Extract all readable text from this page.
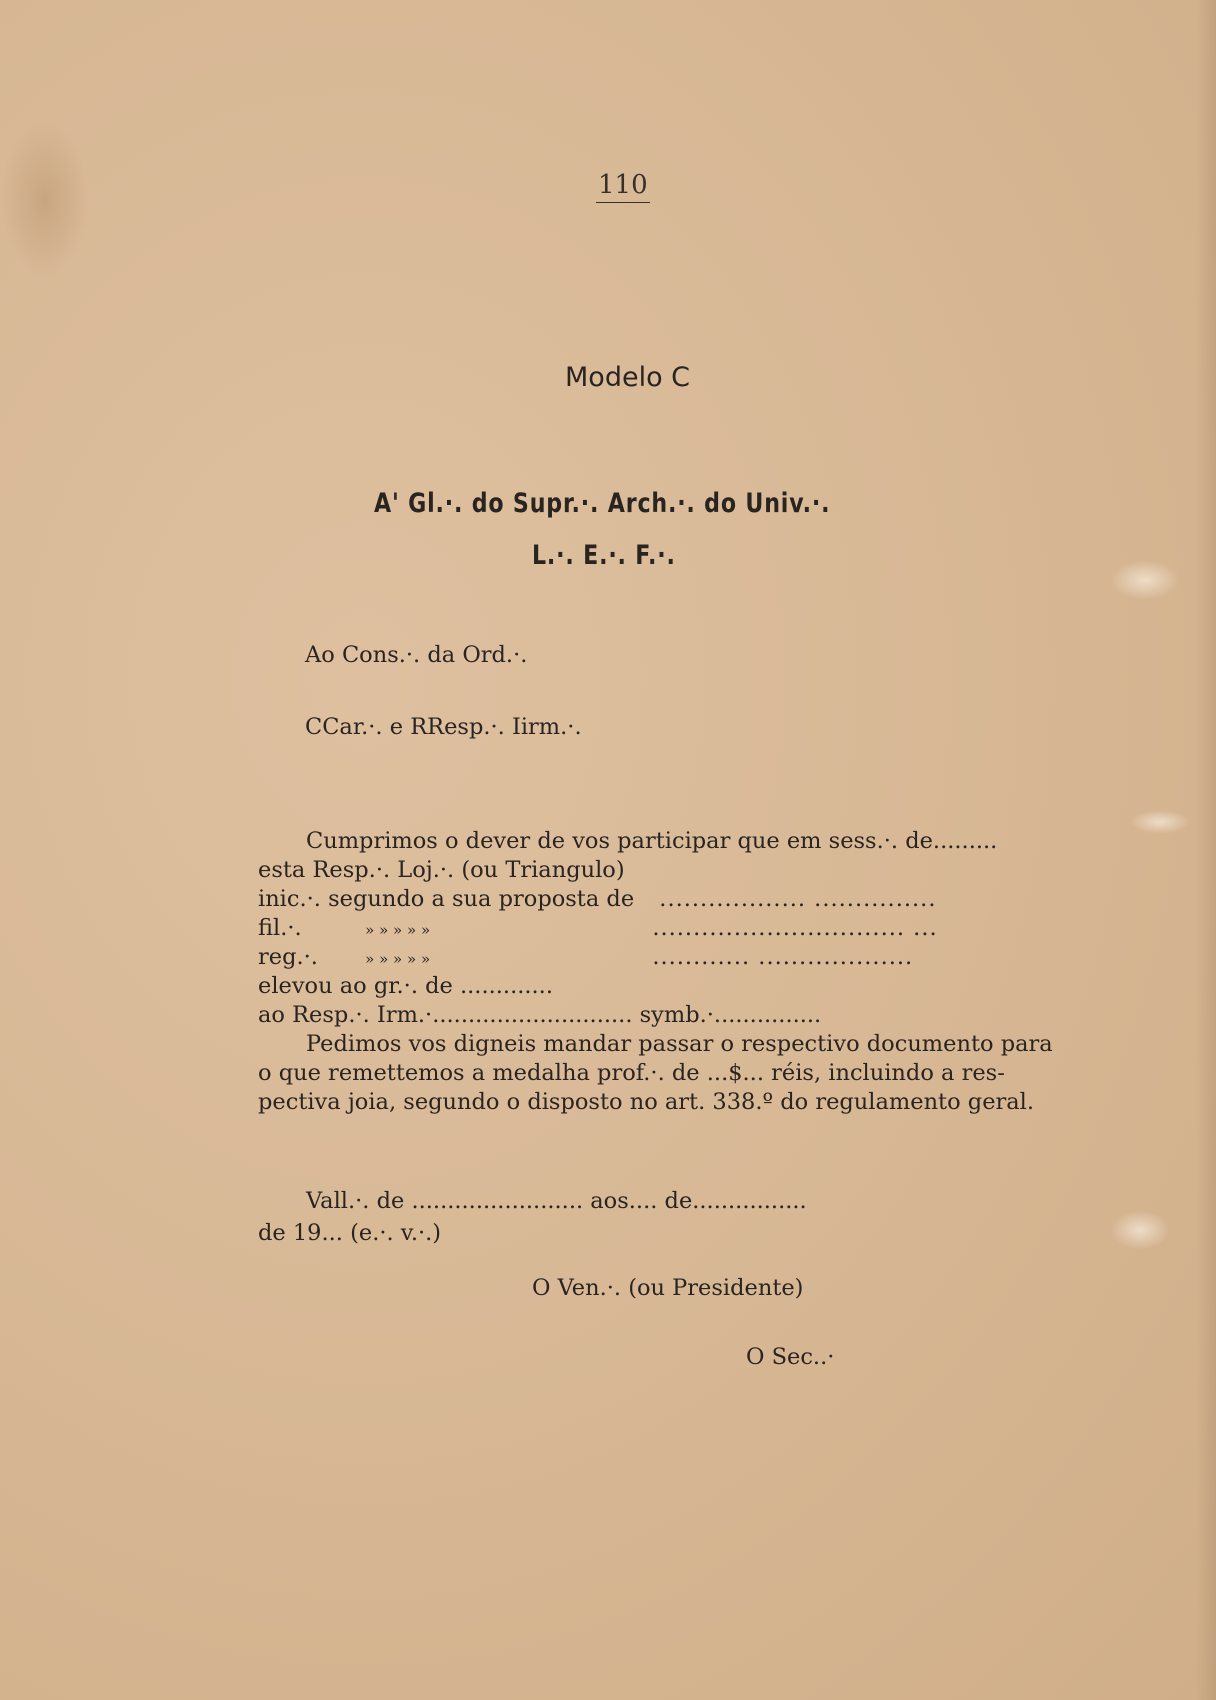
110
Modelo C
A' Gl.·. do Supr.·. Arch.·. do Univ.·.
L.·. E.·. F.·.
Ao Cons.·. da Ord.·.
CCar.·. e RResp.·. Iirm.·.
Cumprimos o dever de vos participar que em sess.·. de.........
esta Resp.·. Loj.·. (ou Triangulo)
inic.·. segundo a sua proposta de .................. ...............
fil.·.	» » » » »	............................... ...
reg.·.	» » » » »	............ ...................
elevou ao gr.·. de .............
ao Resp.·. Irm.·............................ symb.·...............
Pedimos vos digneis mandar passar o respectivo documento para
o que remettemos a medalha prof.·. de ...$... réis, incluindo a res-
pectiva joia, segundo o disposto no art. 338.º do regulamento geral.
Vall.·. de ........................ aos.... de................
de 19... (e.·. v.·.)
O Ven.·. (ou Presidente)
O Sec..·
